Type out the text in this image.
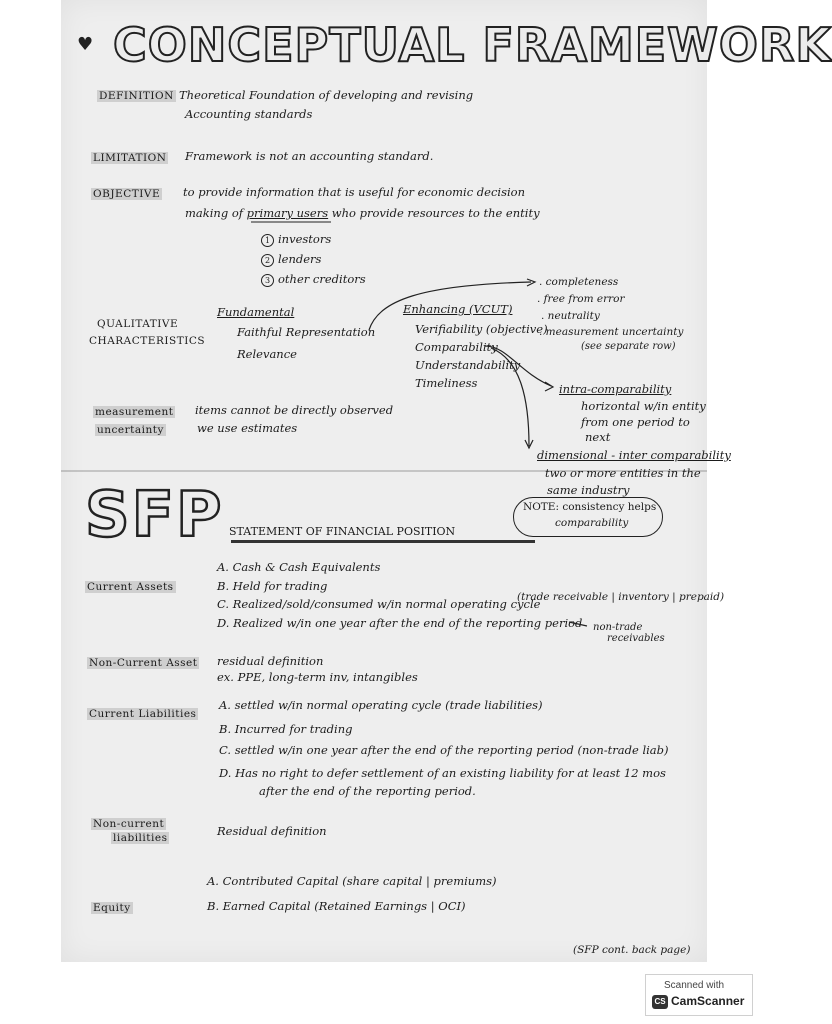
♥ CONCEPTUAL FRAMEWORK
DEFINITION Theoretical Foundation of developing and revising
Accounting standards
LIMITATION Framework is not an accounting standard.
OBJECTIVE to provide information that is useful for economic decision
making of primary users who provide resources to the entity
1 investors
2 lenders
3 other creditors
QUALITATIVE
CHARACTERISTICS
Fundamental
Faithful Representation
Relevance
Enhancing (VCUT)
Verifiability (objective)
Comparability
Understandability
Timeliness
. completeness
. free from error
. neutrality
. measurement uncertainty
(see separate row)
intra-comparability
horizontal w/in entity
from one period to
next
dimensional - inter comparability
two or more entities in the
same industry
NOTE: consistency helps
comparability
measurement
uncertainty
items cannot be directly observed
we use estimates
SFP STATEMENT OF FINANCIAL POSITION
Current Assets
A. Cash & Cash Equivalents
B. Held for trading
C. Realized/sold/consumed w/in normal operating cycle
D. Realized w/in one year after the end of the reporting period
(trade receivable | inventory | prepaid)
non-trade
receivables
Non-Current Asset residual definition
ex. PPE, long-term inv, intangibles
Current Liabilities
A. settled w/in normal operating cycle (trade liabilities)
B. Incurred for trading
C. settled w/in one year after the end of the reporting period (non-trade liab)
D. Has no right to defer settlement of an existing liability for at least 12 mos
after the end of the reporting period.
Non-current
liabilities	Residual definition
Equity
A. Contributed Capital (share capital | premiums)
B. Earned Capital (Retained Earnings | OCI)
(SFP cont. back page)
Scanned with
CS CamScanner
